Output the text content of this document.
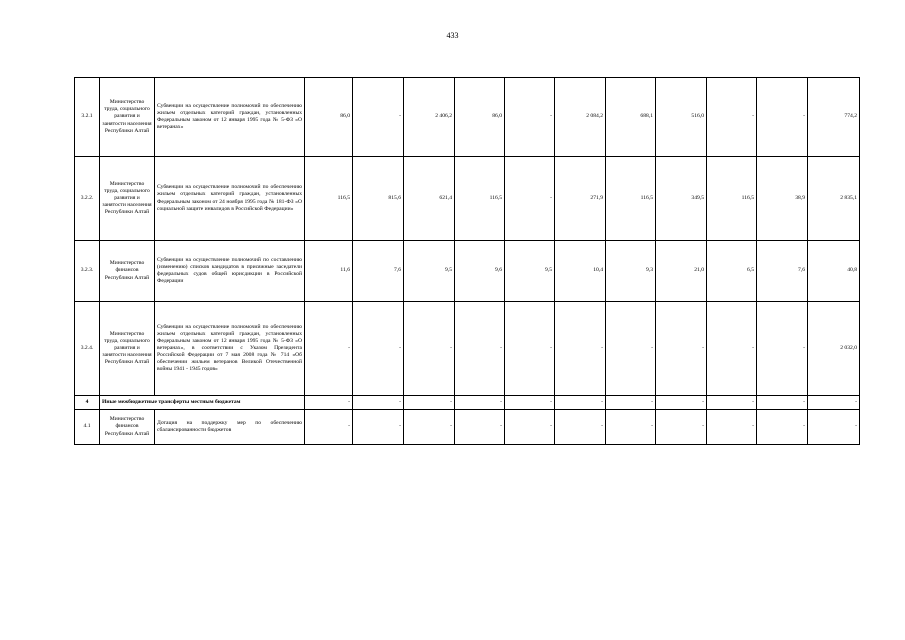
433
3.2.1	Министерство труда, социального развития и занятости населения Республики Алтай	Субвенции на осуществление полномочий по обеспечению жильем отдельных категорий граждан, установленных Федеральным законом от 12 января 1995 года № 5-ФЗ «О ветеранах»	86,0	-	2 406,2	86,0	-	2 084,2	688,1	516,0	-	-	774,2
3.2.2.	Министерство труда, социального развития и занятости населения Республики Алтай	Субвенции на осуществление полномочий по обеспечению жильем отдельных категорий граждан, установленных Федеральным законом от 24 ноября 1995 года № 181-ФЗ «О социальной защите инвалидов в Российской Федерации»	116,5	815,6	621,4	116,5	-	271,9	116,5	349,5	116,5	38,9	2 835,1
3.2.3.	Министерство финансов Республики Алтай	Субвенции на осуществление полномочий по составлению (изменению) списков кандидатов в присяжные заседатели федеральных судов общей юрисдикции в Российской Федерации	11,6	7,6	9,5	9,6	9,5	10,4	9,3	21,0	6,5	7,6	40,8
3.2.4.	Министерство труда, социального развития и занятости населения Республики Алтай	Субвенции на осуществление полномочий по обеспечению жильем отдельных категорий граждан, установленных Федеральным законом от 12 января 1995 года № 5-ФЗ «О ветеранах», в соответствии с Указом Президента Российской Федерации от 7 мая 2008 года № 714 «Об обеспечении жильем ветеранов Великой Отечественной войны 1941 - 1945 годов»	-	-	-	-	-	-	-	-	-	-	2 032,0
4	Иные межбюджетные трансферты местным бюджетам		-	-	-	-	-	-	-	-	-	-	-
4.1	Министерство финансов Республики Алтай	Дотация на поддержку мер по обеспечению сбалансированности бюджетов	-	-	-	-	-	-	-	-	-	-	-
